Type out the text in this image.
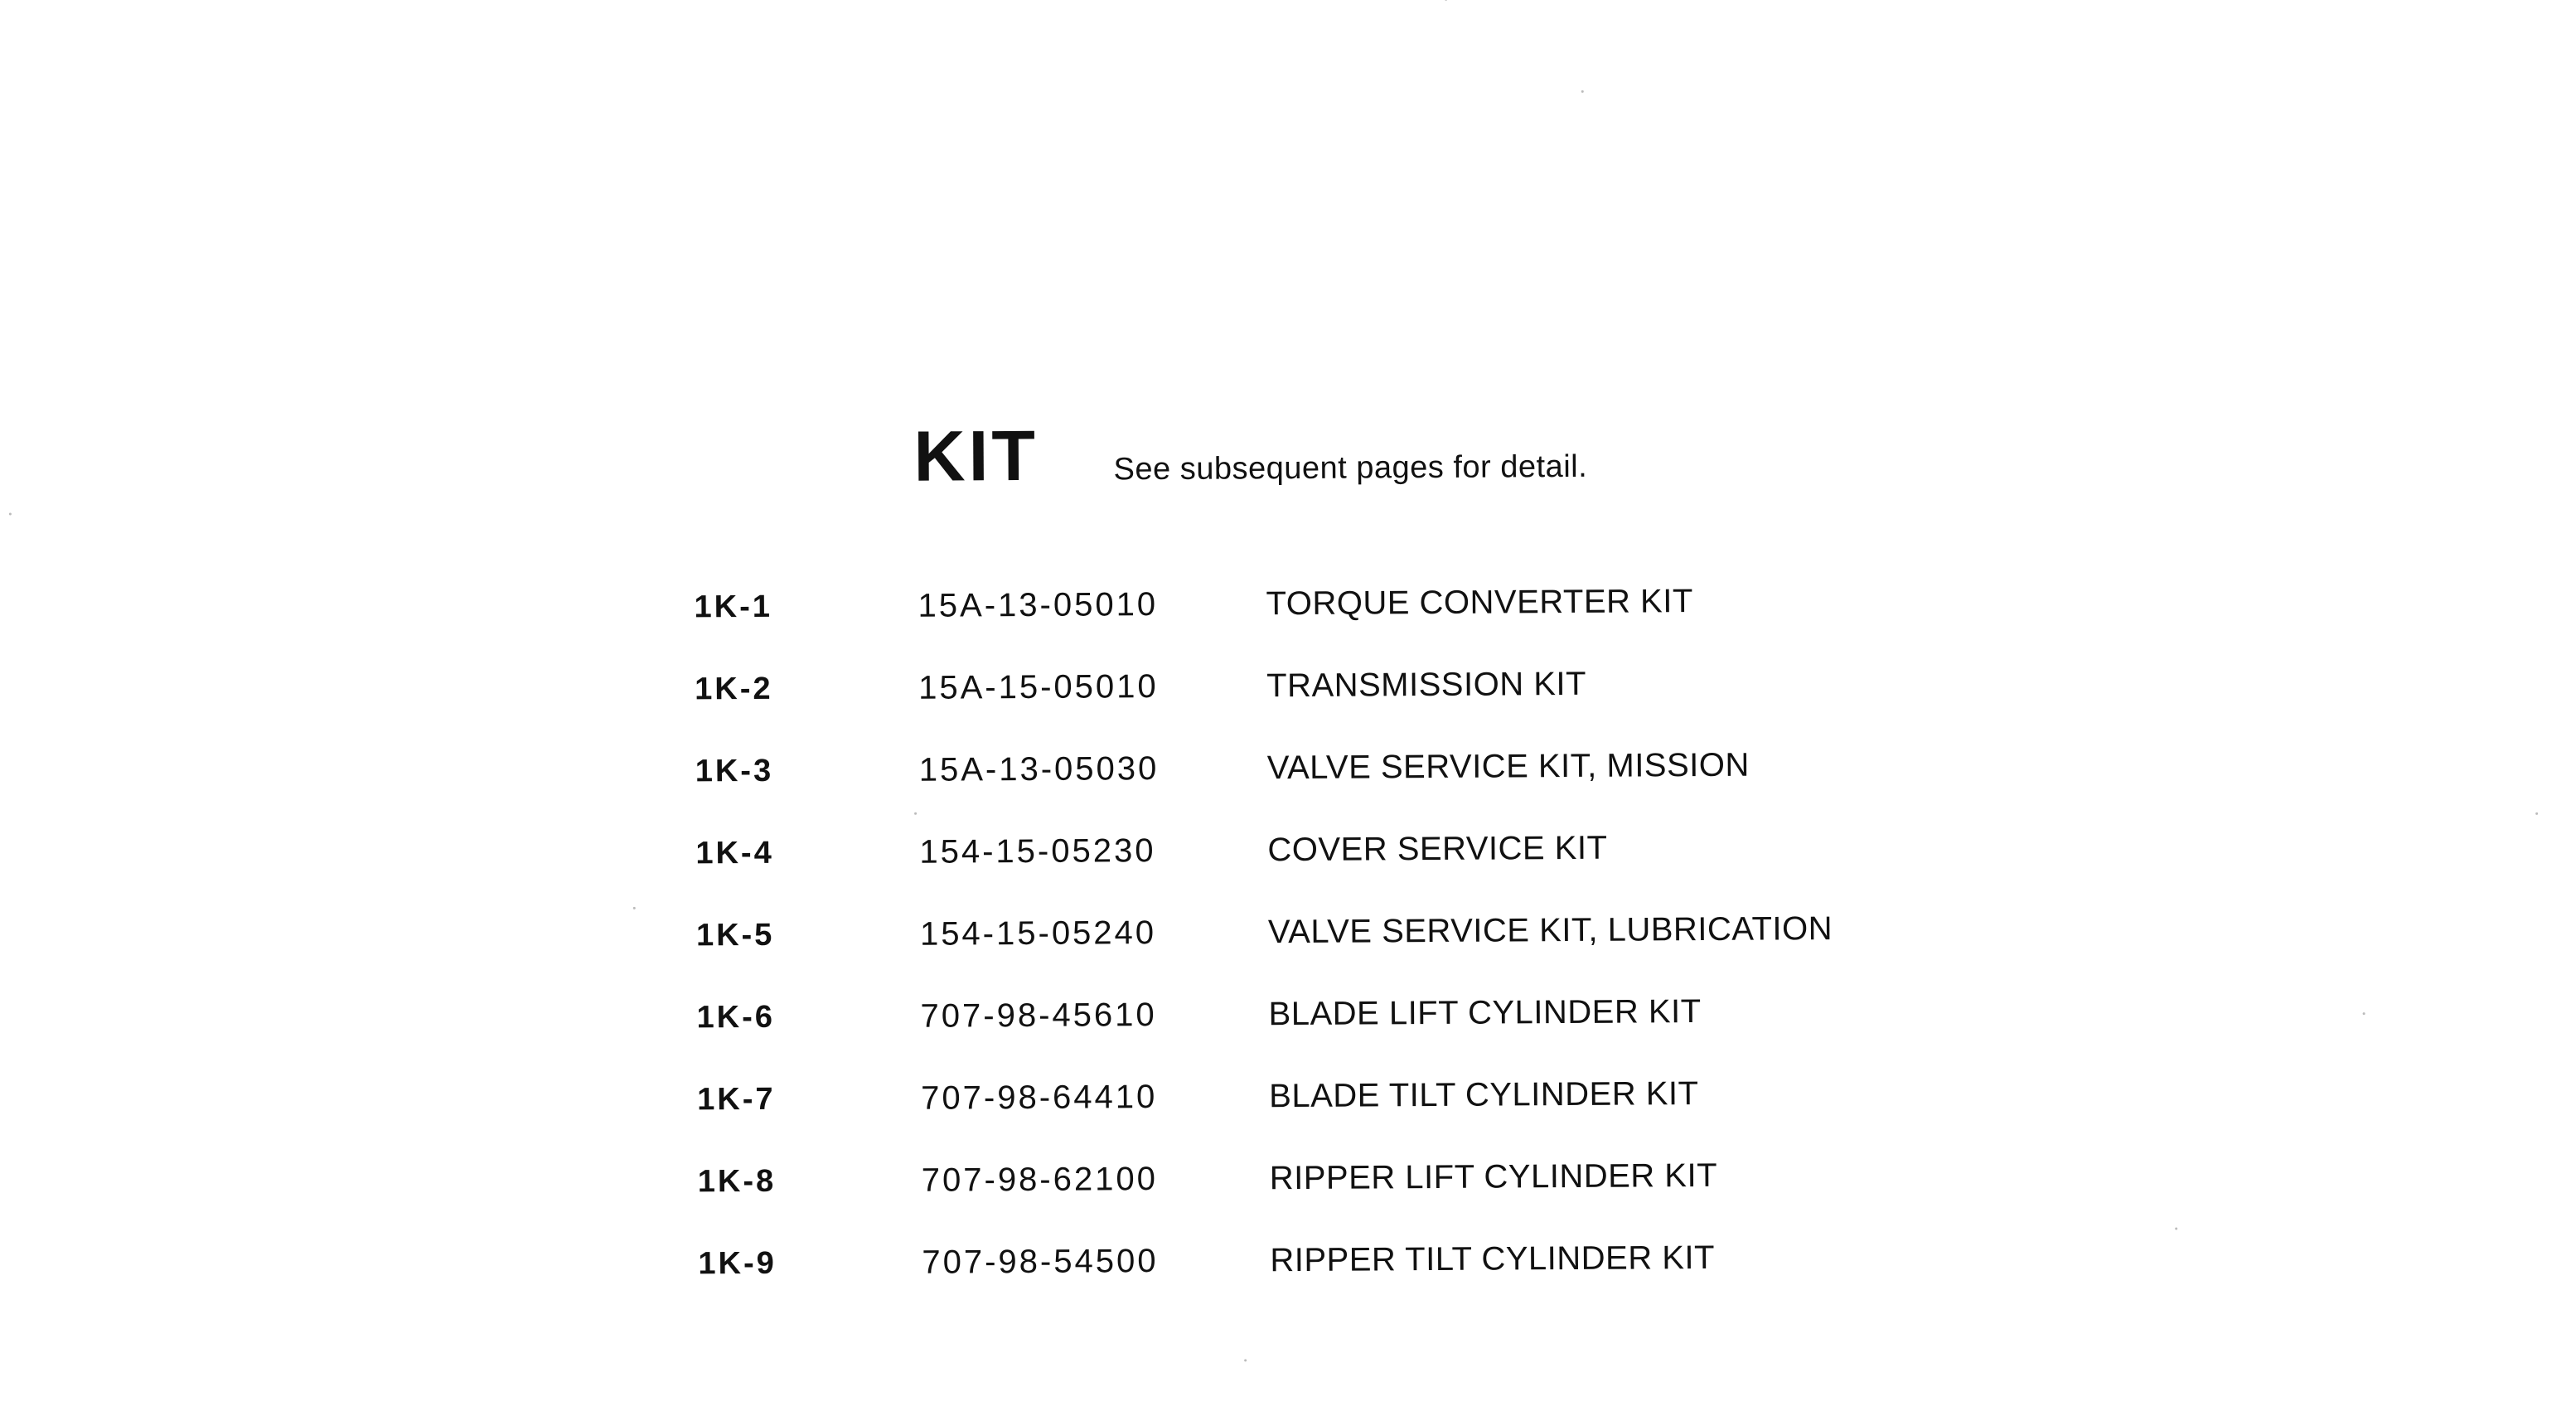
KIT See subsequent pages for detail.
1K-1	15A-13-05010	TORQUE CONVERTER KIT
1K-2	15A-15-05010	TRANSMISSION KIT
1K-3	15A-13-05030	VALVE SERVICE KIT, MISSION
1K-4	154-15-05230	COVER SERVICE KIT
1K-5	154-15-05240	VALVE SERVICE KIT, LUBRICATION
1K-6	707-98-45610	BLADE LIFT CYLINDER KIT
1K-7	707-98-64410	BLADE TILT CYLINDER KIT
1K-8	707-98-62100	RIPPER LIFT CYLINDER KIT
1K-9	707-98-54500	RIPPER TILT CYLINDER KIT
